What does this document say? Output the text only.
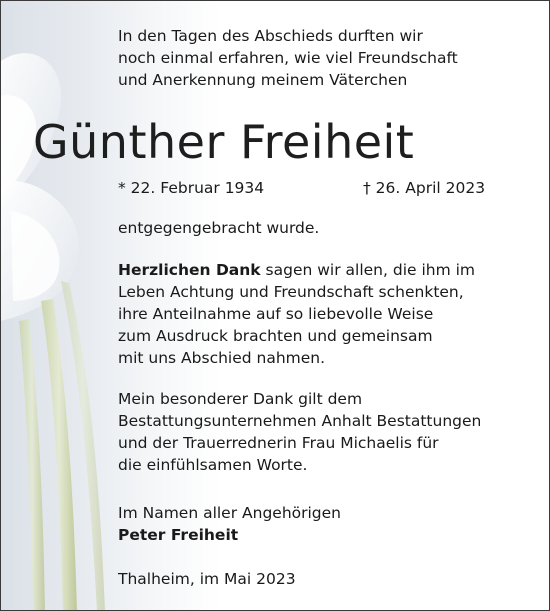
In den Tagen des Abschieds durften wir
noch einmal erfahren, wie viel Freundschaft
und Anerkennung meinem Väterchen

Günther Freiheit

* 22. Februar 1934	† 26. April 2023

entgegengebracht wurde.

Herzlichen Dank sagen wir allen, die ihm im
Leben Achtung und Freundschaft schenkten,
ihre Anteilnahme auf so liebevolle Weise
zum Ausdruck brachten und gemeinsam
mit uns Abschied nahmen.

Mein besonderer Dank gilt dem
Bestattungsunternehmen Anhalt Bestattungen
und der Trauerrednerin Frau Michaelis für
die einfühlsamen Worte.

Im Namen aller Angehörigen
Peter Freiheit

Thalheim, im Mai 2023
